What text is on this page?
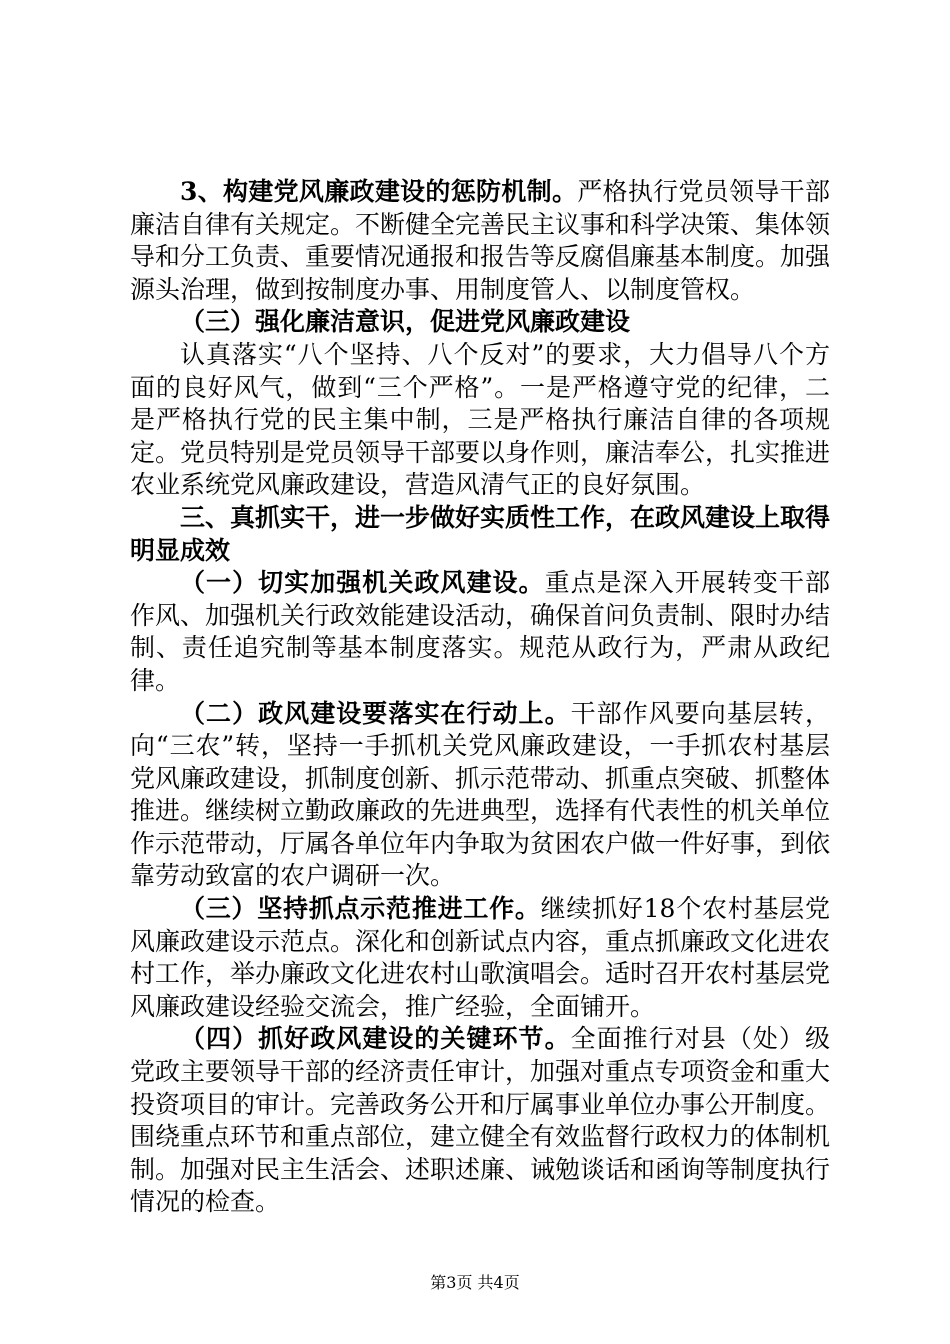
3、构建党风廉政建设的惩防机制。严格执行党员领导干部廉洁自律有关规定。不断健全完善民主议事和科学决策、集体领导和分工负责、重要情况通报和报告等反腐倡廉基本制度。加强源头治理，做到按制度办事、用制度管人、以制度管权。

（三）强化廉洁意识，促进党风廉政建设

认真落实“八个坚持、八个反对”的要求，大力倡导八个方面的良好风气，做到“三个严格”。一是严格遵守党的纪律，二是严格执行党的民主集中制，三是严格执行廉洁自律的各项规定。党员特别是党员领导干部要以身作则，廉洁奉公，扎实推进农业系统党风廉政建设，营造风清气正的良好氛围。

三、真抓实干，进一步做好实质性工作，在政风建设上取得明显成效

（一）切实加强机关政风建设。重点是深入开展转变干部作风、加强机关行政效能建设活动，确保首问负责制、限时办结制、责任追究制等基本制度落实。规范从政行为，严肃从政纪律。

（二）政风建设要落实在行动上。干部作风要向基层转，向“三农”转，坚持一手抓机关党风廉政建设，一手抓农村基层党风廉政建设，抓制度创新、抓示范带动、抓重点突破、抓整体推进。继续树立勤政廉政的先进典型，选择有代表性的机关单位作示范带动，厅属各单位年内争取为贫困农户做一件好事，到依靠劳动致富的农户调研一次。

（三）坚持抓点示范推进工作。继续抓好18个农村基层党风廉政建设示范点。深化和创新试点内容，重点抓廉政文化进农村工作，举办廉政文化进农村山歌演唱会。适时召开农村基层党风廉政建设经验交流会，推广经验，全面铺开。

（四）抓好政风建设的关键环节。全面推行对县（处）级党政主要领导干部的经济责任审计，加强对重点专项资金和重大投资项目的审计。完善政务公开和厅属事业单位办事公开制度。围绕重点环节和重点部位，建立健全有效监督行政权力的体制机制。加强对民主生活会、述职述廉、诫勉谈话和函询等制度执行情况的检查。

第3页 共4页
